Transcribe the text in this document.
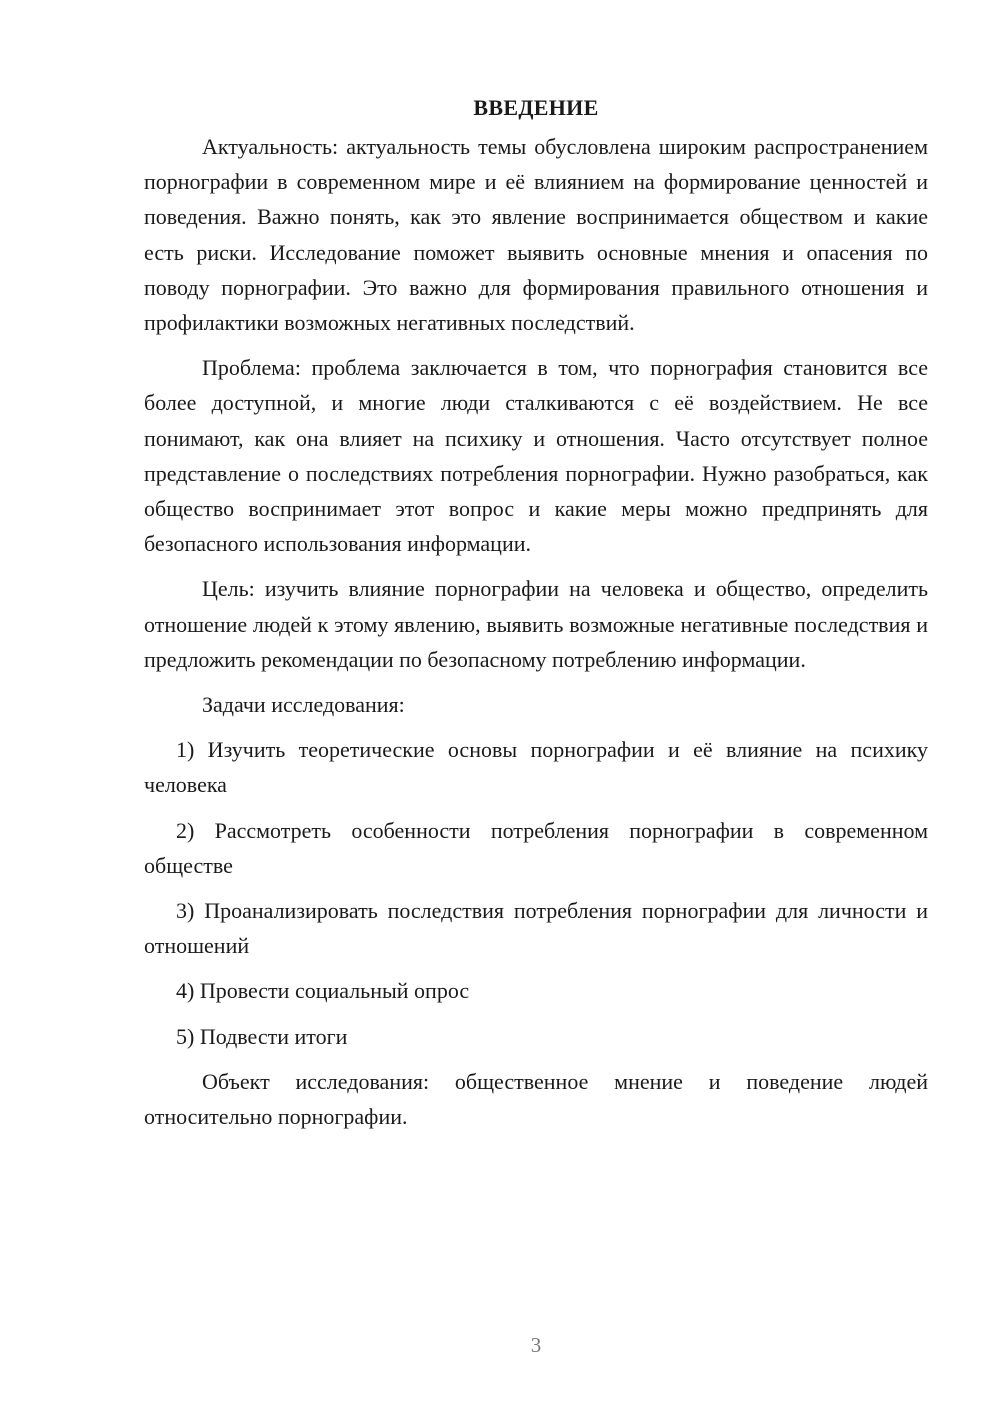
ВВЕДЕНИЕ

Актуальность: актуальность темы обусловлена широким распространением порнографии в современном мире и её влиянием на формирование ценностей и поведения. Важно понять, как это явление воспринимается обществом и какие есть риски. Исследование поможет выявить основные мнения и опасения по поводу порнографии. Это важно для формирования правильного отношения и профилактики возможных негативных последствий.

Проблема: проблема заключается в том, что порнография становится все более доступной, и многие люди сталкиваются с её воздействием. Не все понимают, как она влияет на психику и отношения. Часто отсутствует полное представление о последствиях потребления порнографии. Нужно разобраться, как общество воспринимает этот вопрос и какие меры можно предпринять для безопасного использования информации.

Цель: изучить влияние порнографии на человека и общество, определить отношение людей к этому явлению, выявить возможные негативные последствия и предложить рекомендации по безопасному потреблению информации.

Задачи исследования:

1) Изучить теоретические основы порнографии и её влияние на психику человека

2) Рассмотреть особенности потребления порнографии в современном обществе

3) Проанализировать последствия потребления порнографии для личности и отношений

4) Провести социальный опрос

5) Подвести итоги

Объект исследования: общественное мнение и поведение людей относительно порнографии.

3
